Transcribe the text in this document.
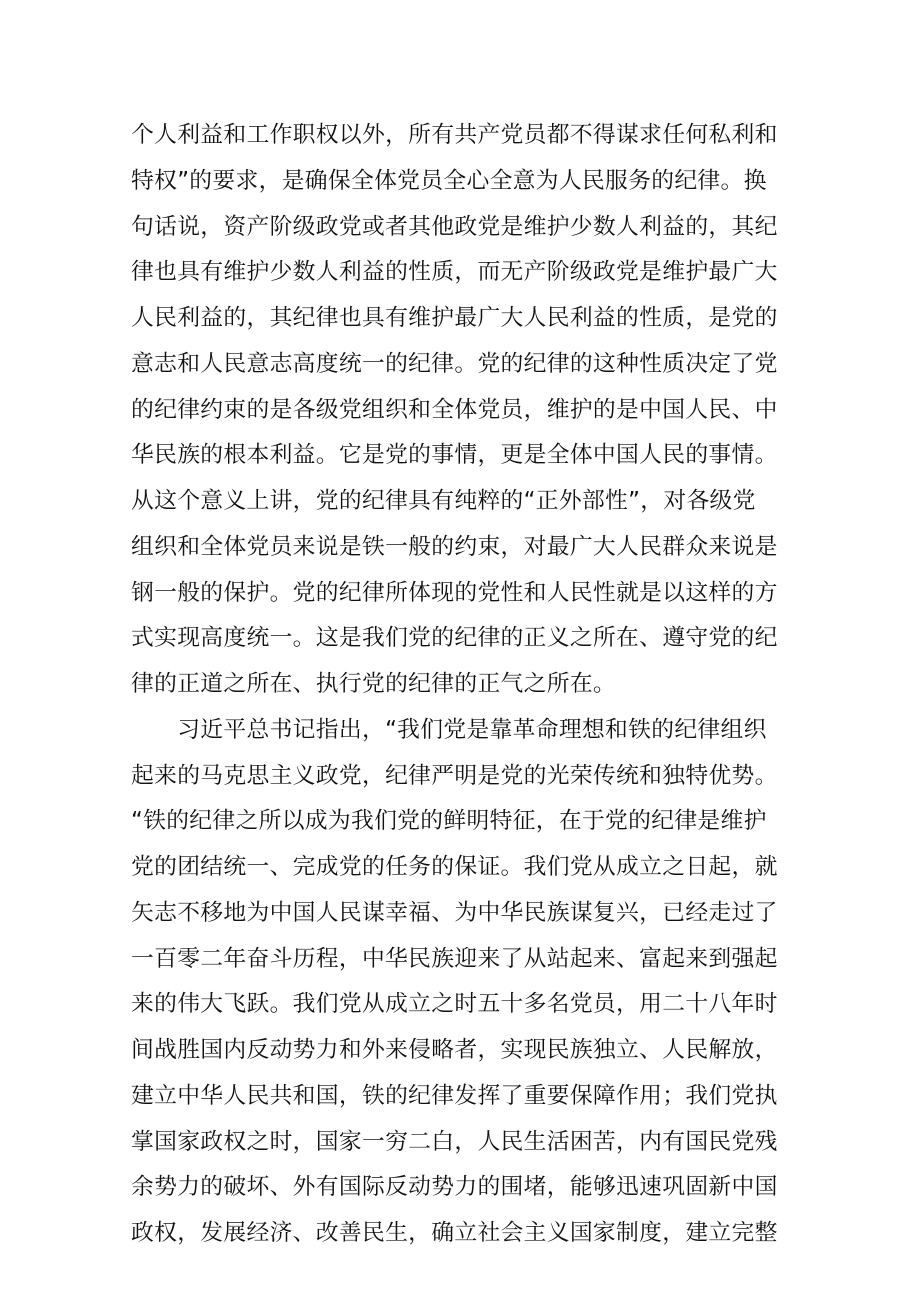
个人利益和工作职权以外，所有共产党员都不得谋求任何私利和
特权”的要求，是确保全体党员全心全意为人民服务的纪律。换
句话说，资产阶级政党或者其他政党是维护少数人利益的，其纪
律也具有维护少数人利益的性质，而无产阶级政党是维护最广大
人民利益的，其纪律也具有维护最广大人民利益的性质，是党的
意志和人民意志高度统一的纪律。党的纪律的这种性质决定了党
的纪律约束的是各级党组织和全体党员，维护的是中国人民、中
华民族的根本利益。它是党的事情，更是全体中国人民的事情。
从这个意义上讲，党的纪律具有纯粹的“正外部性”，对各级党
组织和全体党员来说是铁一般的约束，对最广大人民群众来说是
钢一般的保护。党的纪律所体现的党性和人民性就是以这样的方
式实现高度统一。这是我们党的纪律的正义之所在、遵守党的纪
律的正道之所在、执行党的纪律的正气之所在。
　　习近平总书记指出，“我们党是靠革命理想和铁的纪律组织
起来的马克思主义政党，纪律严明是党的光荣传统和独特优势。
“铁的纪律之所以成为我们党的鲜明特征，在于党的纪律是维护
党的团结统一、完成党的任务的保证。我们党从成立之日起，就
矢志不移地为中国人民谋幸福、为中华民族谋复兴，已经走过了
一百零二年奋斗历程，中华民族迎来了从站起来、富起来到强起
来的伟大飞跃。我们党从成立之时五十多名党员，用二十八年时
间战胜国内反动势力和外来侵略者，实现民族独立、人民解放，
建立中华人民共和国，铁的纪律发挥了重要保障作用；我们党执
掌国家政权之时，国家一穷二白，人民生活困苦，内有国民党残
余势力的破坏、外有国际反动势力的围堵，能够迅速巩固新中国
政权，发展经济、改善民生，确立社会主义国家制度，建立完整
